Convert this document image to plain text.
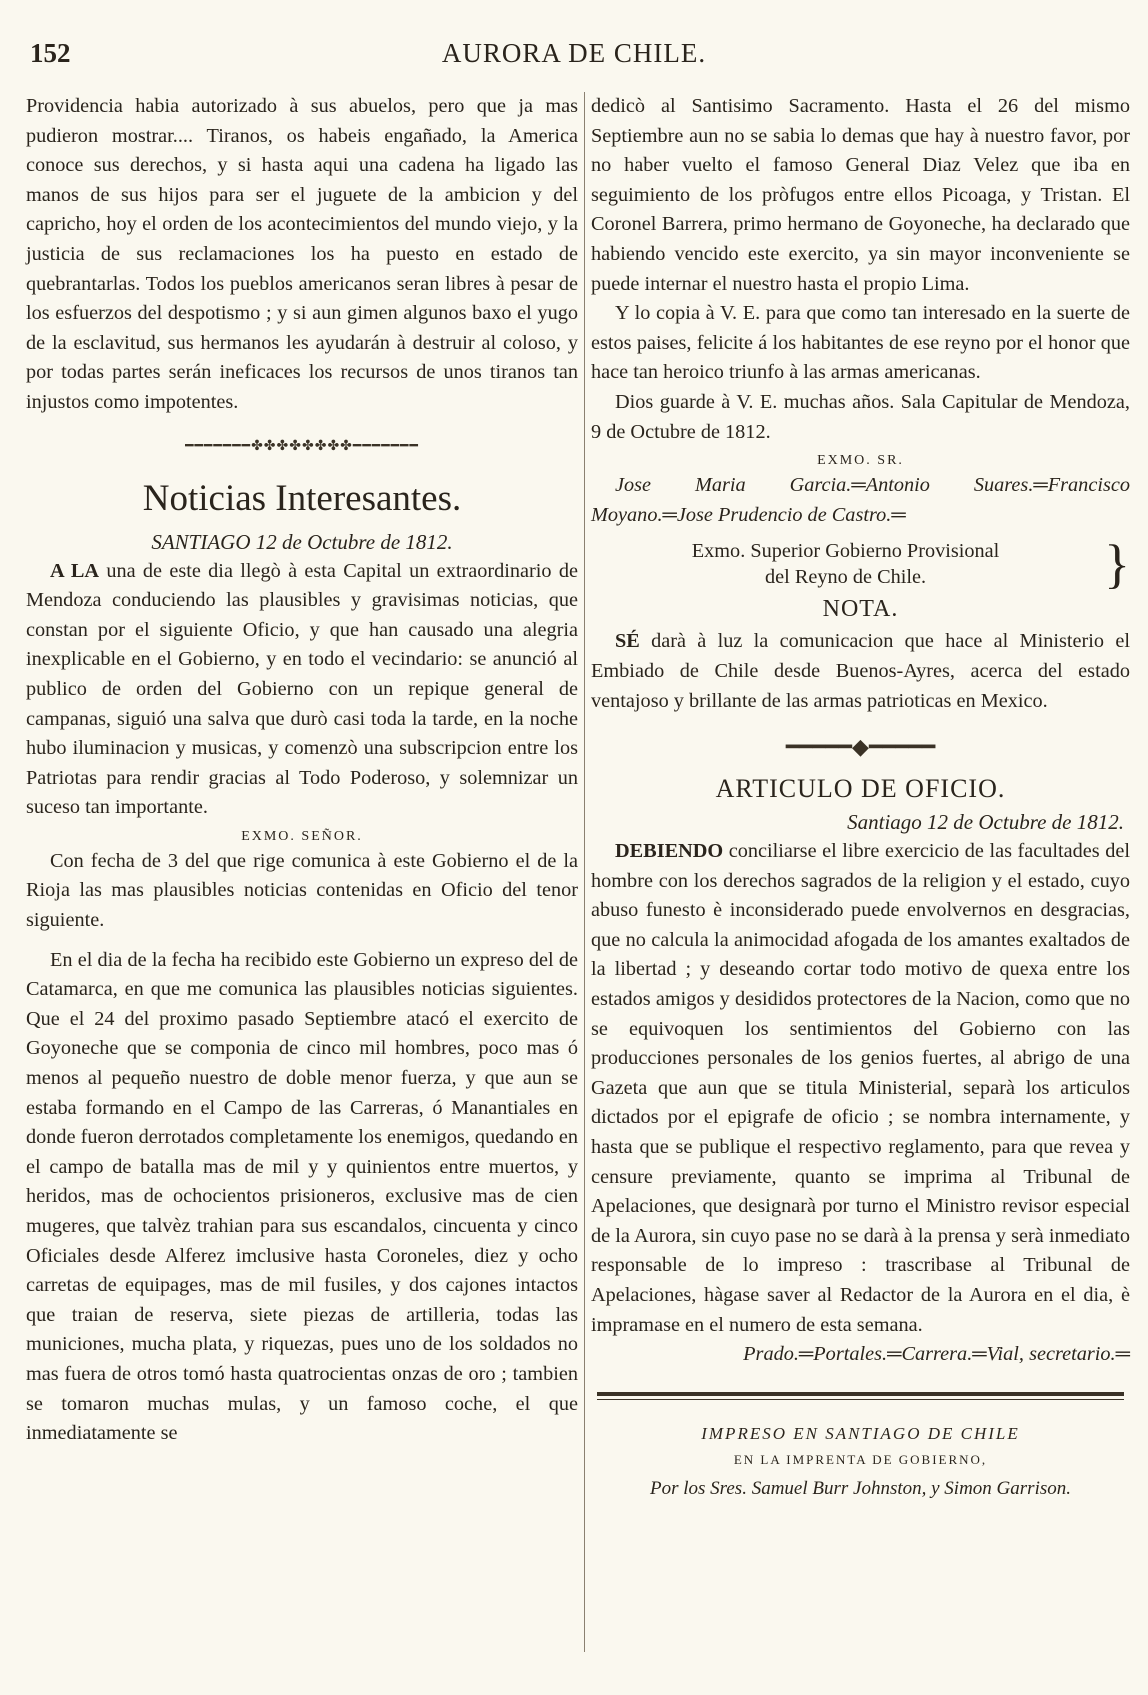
152	AURORA DE CHILE.

Providencia habia autorizado à sus abuelos, pero que ja mas pudieron mostrar.... Tiranos, os habeis engañado, la America conoce sus derechos, y si hasta aqui una cadena ha ligado las manos de sus hijos para ser el juguete de la ambicion y del capricho, hoy el orden de los acontecimientos del mundo viejo, y la justicia de sus reclamaciones los ha puesto en estado de quebrantarlas. Todos los pueblos americanos seran libres à pesar de los esfuerzos del despotismo ; y si aun gimen algunos baxo el yugo de la esclavitud, sus hermanos les ayudarán à destruir al coloso, y por todas partes serán ineficaces los recursos de unos tiranos tan injustos como impotentes.

━━━━━━━✤✤✤✤✤✤✤✤━━━━━━━
Noticias Interesantes.
SANTIAGO 12 de Octubre de 1812.

A LA una de este dia llegò à esta Capital un extraordinario de Mendoza conduciendo las plausibles y gravisimas noticias, que constan por el siguiente Oficio, y que han causado una alegria inexplicable en el Gobierno, y en todo el vecindario: se anunció al publico de orden del Gobierno con un repique general de campanas, siguió una salva que durò casi toda la tarde, en la noche hubo iluminacion y musicas, y comenzò una subscripcion entre los Patriotas para rendir gracias al Todo Poderoso, y solemnizar un suceso tan importante.

EXMO. SEÑOR.

Con fecha de 3 del que rige comunica à este Gobierno el de la Rioja las mas plausibles noticias contenidas en Oficio del tenor siguiente.

En el dia de la fecha ha recibido este Gobierno un expreso del de Catamarca, en que me comunica las plausibles noticias siguientes. Que el 24 del proximo pasado Septiembre atacó el exercito de Goyoneche que se componia de cinco mil hombres, poco mas ó menos al pequeño nuestro de doble menor fuerza, y que aun se estaba formando en el Campo de las Carreras, ó Manantiales en donde fueron derrotados completamente los enemigos, quedando en el campo de batalla mas de mil y y quinientos entre muertos, y heridos, mas de ochocientos prisioneros, exclusive mas de cien mugeres, que talvèz trahian para sus escandalos, cincuenta y cinco Oficiales desde Alferez imclusive hasta Coroneles, diez y ocho carretas de equipages, mas de mil fusiles, y dos cajones intactos que traian de reserva, siete piezas de artilleria, todas las municiones, mucha plata, y riquezas, pues uno de los soldados no mas fuera de otros tomó hasta quatrocientas onzas de oro ; tambien se tomaron muchas mulas, y un famoso coche, el que inmediatamente se

dedicò al Santisimo Sacramento. Hasta el 26 del mismo Septiembre aun no se sabia lo demas que hay à nuestro favor, por no haber vuelto el famoso General Diaz Velez que iba en seguimiento de los pròfugos entre ellos Picoaga, y Tristan. El Coronel Barrera, primo hermano de Goyoneche, ha declarado que habiendo vencido este exercito, ya sin mayor inconveniente se puede internar el nuestro hasta el propio Lima.

Y lo copia à V. E. para que como tan interesado en la suerte de estos paises, felicite á los habitantes de ese reyno por el honor que hace tan heroico triunfo à las armas americanas.

Dios guarde à V. E. muchas años. Sala Capitular de Mendoza, 9 de Octubre de 1812.

EXMO. SR.

Jose Maria Garcia.═Antonio Suares.═Francisco Moyano.═Jose Prudencio de Castro.═

Exmo. Superior Gobierno Provisional
del Reyno de Chile.	}
NOTA.

SÉ darà à luz la comunicacion que hace al Ministerio el Embiado de Chile desde Buenos-Ayres, acerca del estado ventajoso y brillante de las armas patrioticas en Mexico.

━━━━━◆━━━━━
ARTICULO DE OFICIO.
Santiago 12 de Octubre de 1812.

DEBIENDO conciliarse el libre exercicio de las facultades del hombre con los derechos sagrados de la religion y el estado, cuyo abuso funesto è inconsiderado puede envolvernos en desgracias, que no calcula la animocidad afogada de los amantes exaltados de la libertad ; y deseando cortar todo motivo de quexa entre los estados amigos y desididos protectores de la Nacion, como que no se equivoquen los sentimientos del Gobierno con las producciones personales de los genios fuertes, al abrigo de una Gazeta que aun que se titula Ministerial, separà los articulos dictados por el epigrafe de oficio ; se nombra internamente, y hasta que se publique el respectivo reglamento, para que revea y censure previamente, quanto se imprima al Tribunal de Apelaciones, que designarà por turno el Ministro revisor especial de la Aurora, sin cuyo pase no se darà à la prensa y serà inmediato responsable de lo impreso : trascribase al Tribunal de Apelaciones, hàgase saver al Redactor de la Aurora en el dia, è impramase en el numero de esta semana.

Prado.═Portales.═Carrera.═Vial, secretario.═

IMPRESO EN SANTIAGO DE CHILE
EN LA IMPRENTA DE GOBIERNO,
Por los Sres. Samuel Burr Johnston, y Simon Garrison.
